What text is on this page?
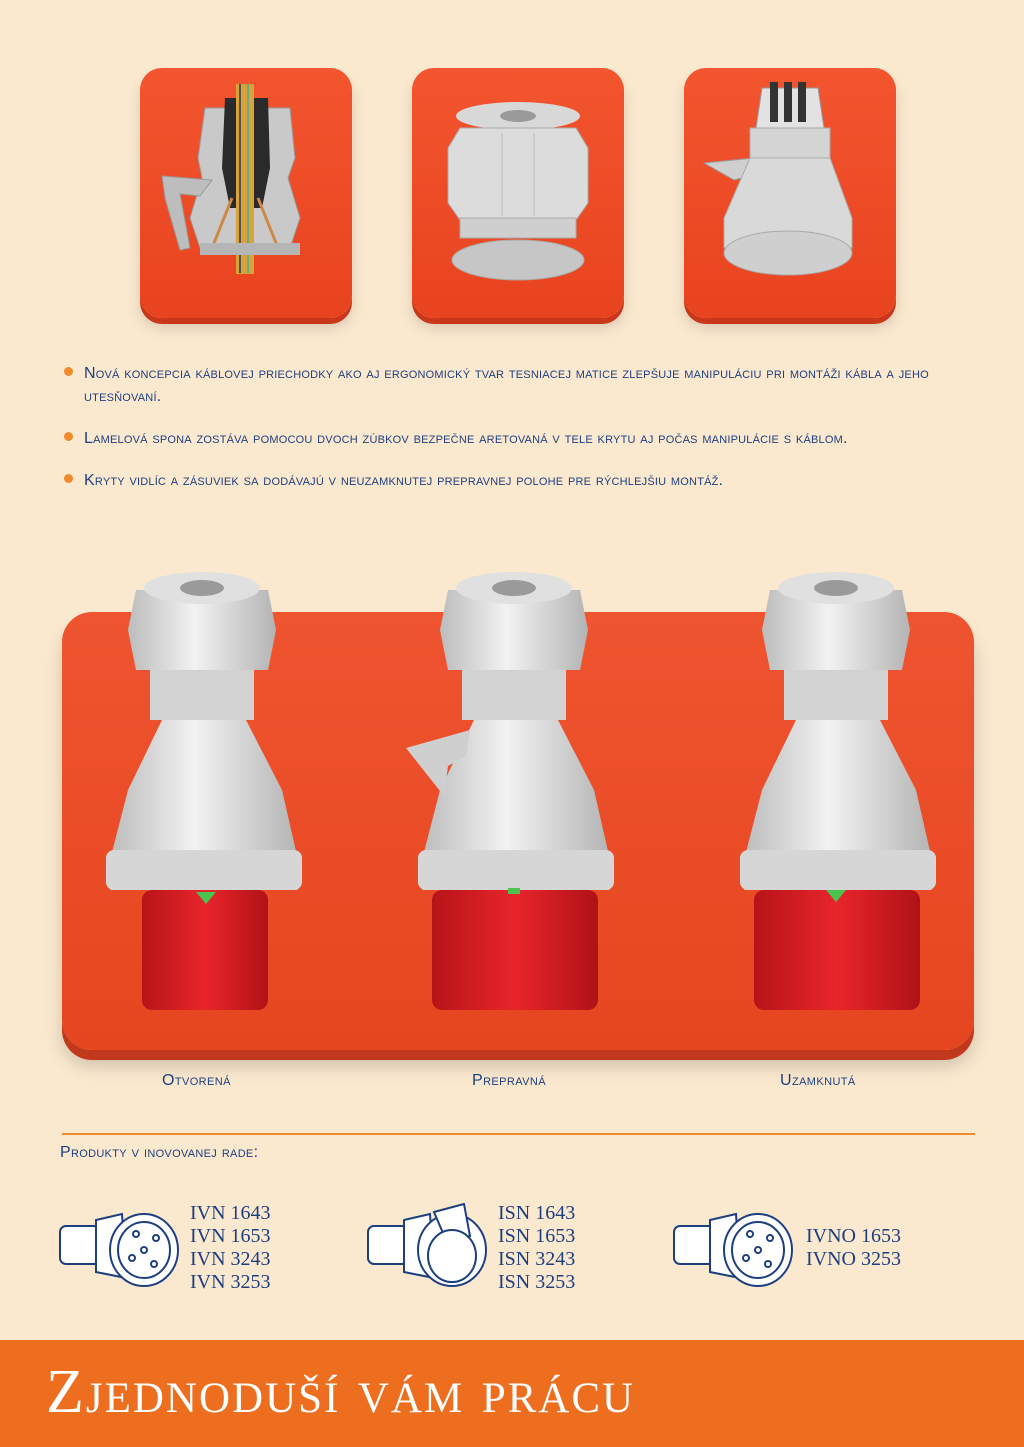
Nová koncepcia káblovej priechodky ako aj ergonomický tvar tesniacej matice zlepšuje manipuláciu pri montáži kábla a jeho utesňovaní.
Lamelová spona zostáva pomocou dvoch zúbkov bezpečne aretovaná v tele krytu aj počas manipulácie s káblom.
Kryty vidlíc a zásuviek sa dodávajú v neuzamknutej prepravnej polohe pre rýchlejšiu montáž.
Otvorená	Prepravná	Uzamknutá
Produkty v inovovanej rade:
IVN 1643
IVN 1653
IVN 3243
IVN 3253
ISN 1643
ISN 1653
ISN 3243
ISN 3253
IVNO 1653
IVNO 3253
Zjednoduší vám prácu
